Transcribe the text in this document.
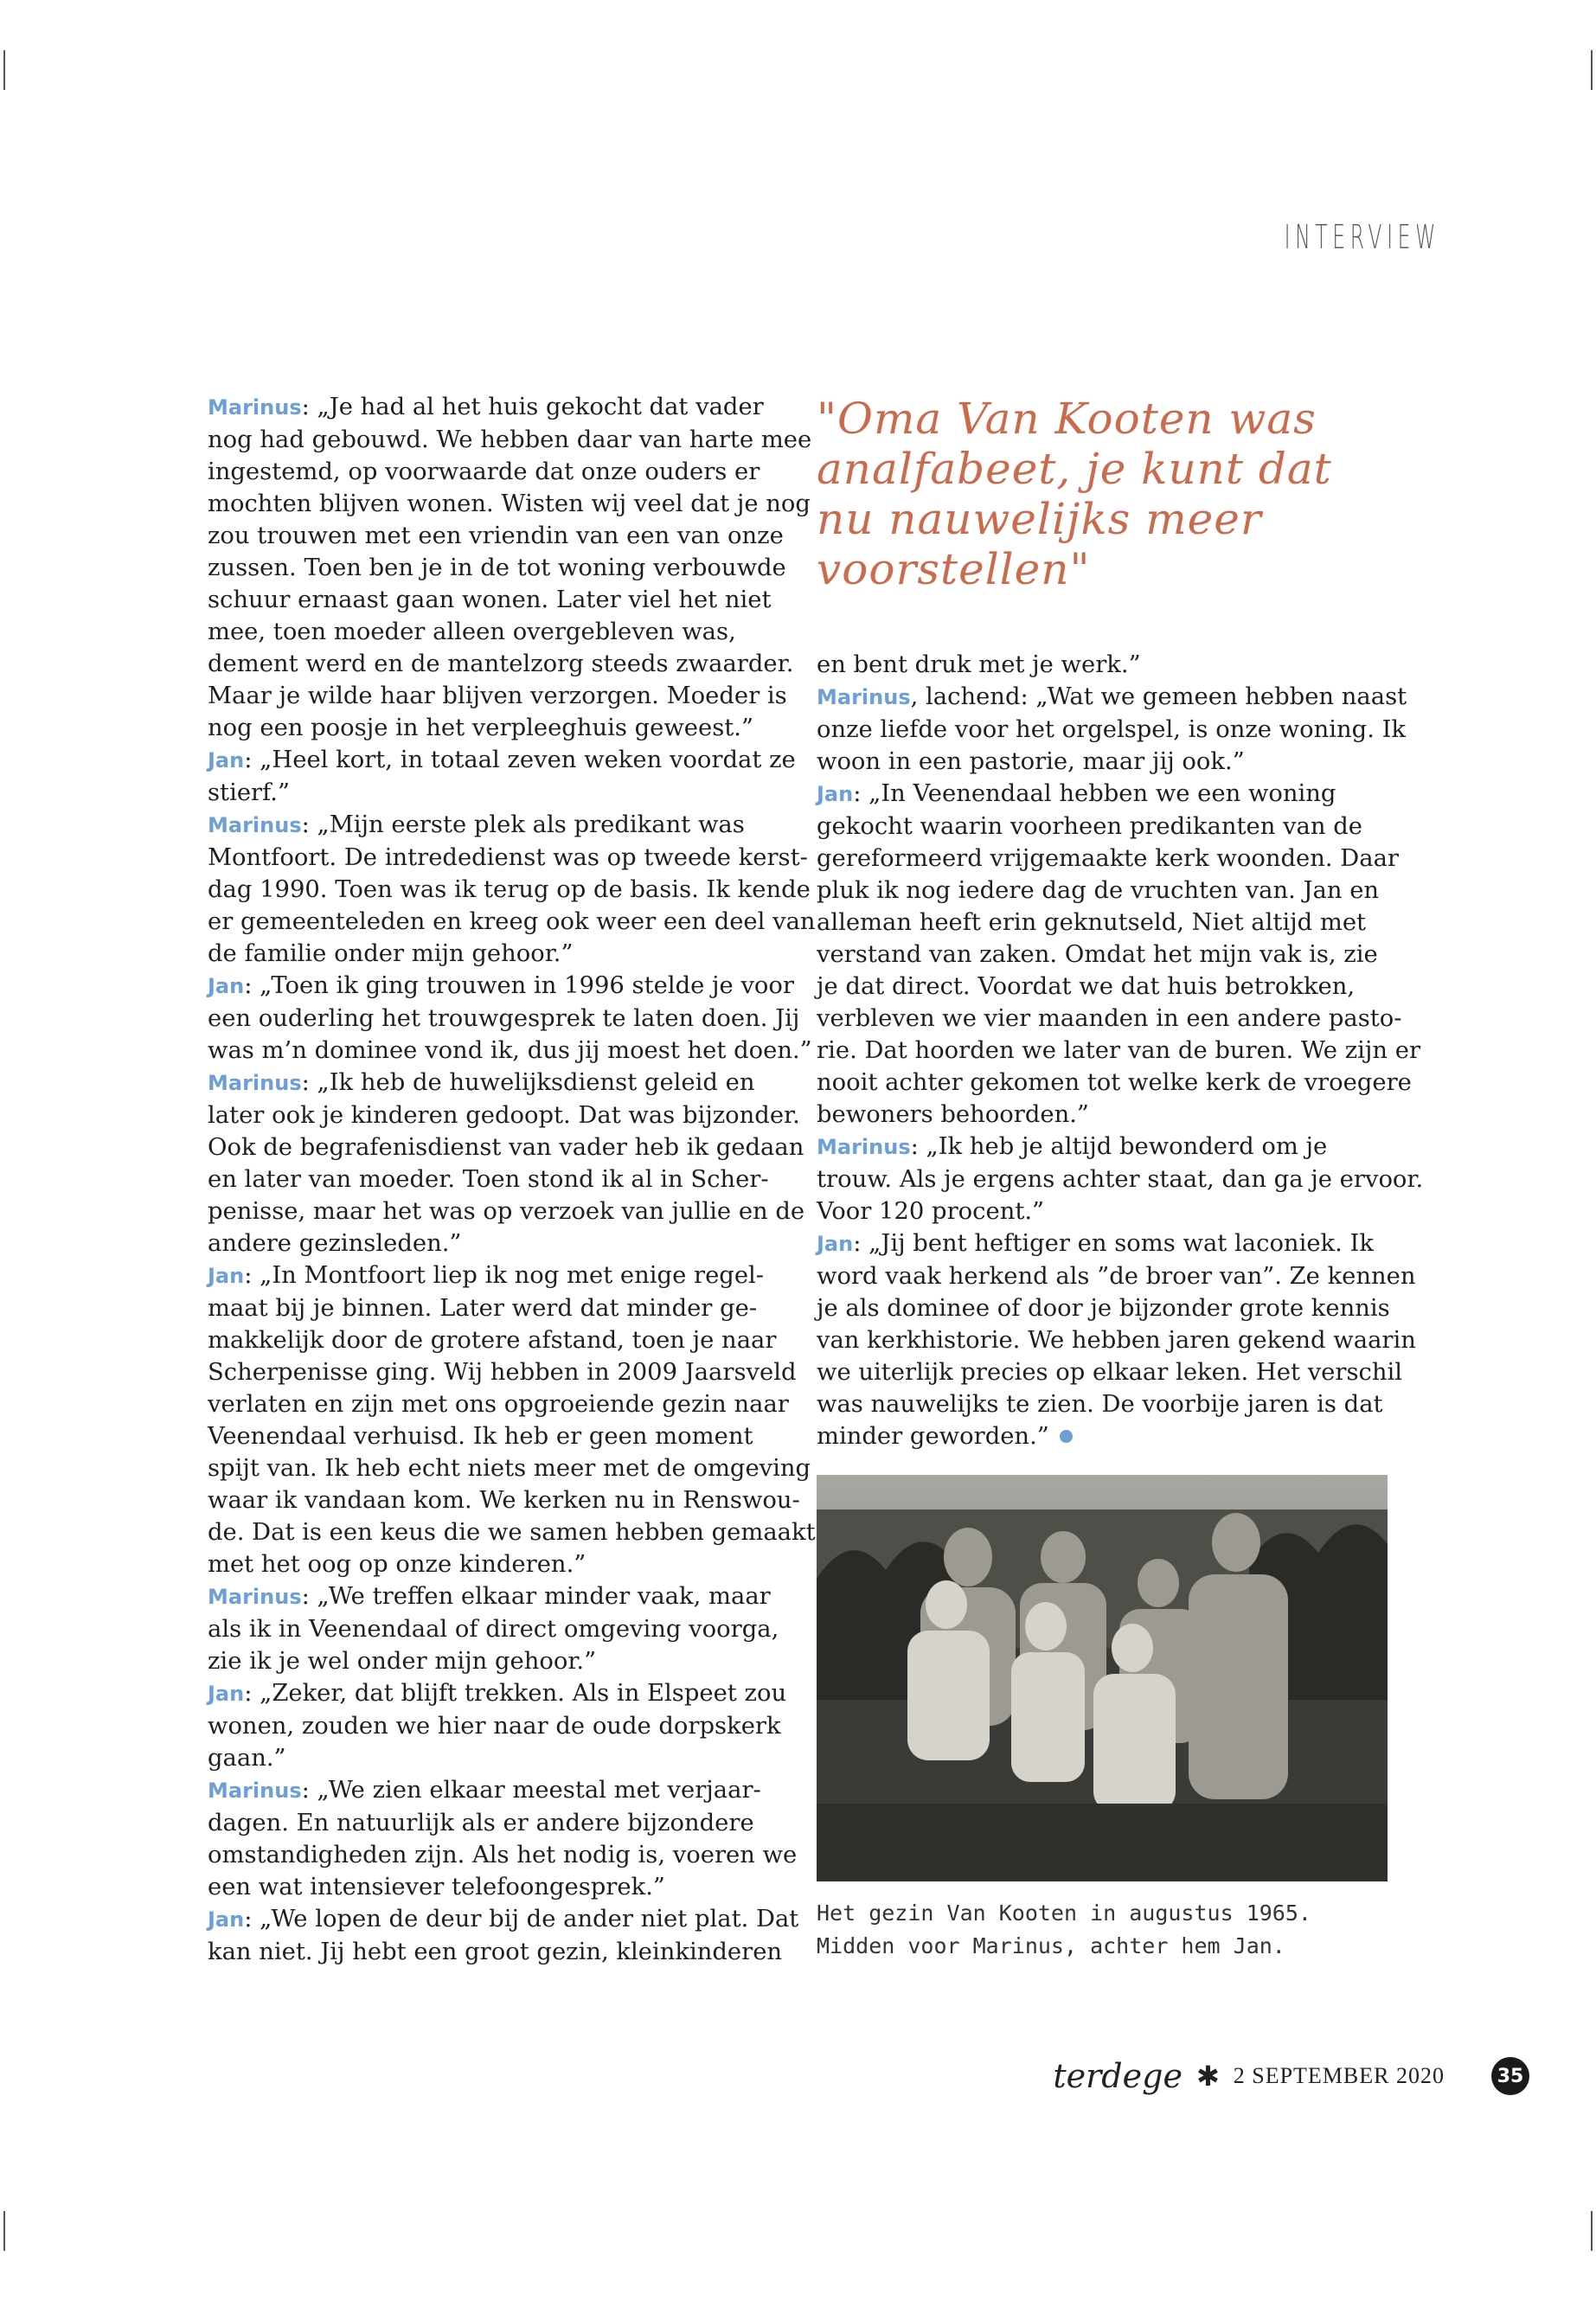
INTERVIEW
Marinus: „Je had al het huis gekocht dat vader
nog had gebouwd. We hebben daar van harte mee
ingestemd, op voorwaarde dat onze ouders er
mochten blijven wonen. Wisten wij veel dat je nog
zou trouwen met een vriendin van een van onze
zussen. Toen ben je in de tot woning verbouwde
schuur ernaast gaan wonen. Later viel het niet
mee, toen moeder alleen overgebleven was,
dement werd en de mantelzorg steeds zwaarder.
Maar je wilde haar blijven verzorgen. Moeder is
nog een poosje in het verpleeghuis geweest.”
Jan: „Heel kort, in totaal zeven weken voordat ze
stierf.”
Marinus: „Mijn eerste plek als predikant was
Montfoort. De intrededienst was op tweede kerst-
dag 1990. Toen was ik terug op de basis. Ik kende
er gemeenteleden en kreeg ook weer een deel van
de familie onder mijn gehoor.”
Jan: „Toen ik ging trouwen in 1996 stelde je voor
een ouderling het trouwgesprek te laten doen. Jij
was m’n dominee vond ik, dus jij moest het doen.”
Marinus: „Ik heb de huwelijksdienst geleid en
later ook je kinderen gedoopt. Dat was bijzonder.
Ook de begrafenisdienst van vader heb ik gedaan
en later van moeder. Toen stond ik al in Scher-
penisse, maar het was op verzoek van jullie en de
andere gezinsleden.”
Jan: „In Montfoort liep ik nog met enige regel-
maat bij je binnen. Later werd dat minder ge-
makkelijk door de grotere afstand, toen je naar
Scherpenisse ging. Wij hebben in 2009 Jaarsveld
verlaten en zijn met ons opgroeiende gezin naar
Veenendaal verhuisd. Ik heb er geen moment
spijt van. Ik heb echt niets meer met de omgeving
waar ik vandaan kom. We kerken nu in Renswou-
de. Dat is een keus die we samen hebben gemaakt
met het oog op onze kinderen.”
Marinus: „We treffen elkaar minder vaak, maar
als ik in Veenendaal of direct omgeving voorga,
zie ik je wel onder mijn gehoor.”
Jan: „Zeker, dat blijft trekken. Als in Elspeet zou
wonen, zouden we hier naar de oude dorpskerk
gaan.”
Marinus: „We zien elkaar meestal met verjaar-
dagen. En natuurlijk als er andere bijzondere
omstandigheden zijn. Als het nodig is, voeren we
een wat intensiever telefoongesprek.”
Jan: „We lopen de deur bij de ander niet plat. Dat
kan niet. Jij hebt een groot gezin, kleinkinderen
"Oma Van Kooten was
analfabeet, je kunt dat
nu nauwelijks meer
voorstellen"
en bent druk met je werk.”
Marinus, lachend: „Wat we gemeen hebben naast
onze liefde voor het orgelspel, is onze woning. Ik
woon in een pastorie, maar jij ook.”
Jan: „In Veenendaal hebben we een woning
gekocht waarin voorheen predikanten van de
gereformeerd vrijgemaakte kerk woonden. Daar
pluk ik nog iedere dag de vruchten van. Jan en
alleman heeft erin geknutseld, Niet altijd met
verstand van zaken. Omdat het mijn vak is, zie
je dat direct. Voordat we dat huis betrokken,
verbleven we vier maanden in een andere pasto-
rie. Dat hoorden we later van de buren. We zijn er
nooit achter gekomen tot welke kerk de vroegere
bewoners behoorden.”
Marinus: „Ik heb je altijd bewonderd om je
trouw. Als je ergens achter staat, dan ga je ervoor.
Voor 120 procent.”
Jan: „Jij bent heftiger en soms wat laconiek. Ik
word vaak herkend als ”de broer van”. Ze kennen
je als dominee of door je bijzonder grote kennis
van kerkhistorie. We hebben jaren gekend waarin
we uiterlijk precies op elkaar leken. Het verschil
was nauwelijks te zien. De voorbije jaren is dat
minder geworden.”
Het gezin Van Kooten in augustus 1965.
Midden voor Marinus, achter hem Jan.
terdege ✱ 2 SEPTEMBER 2020	35
